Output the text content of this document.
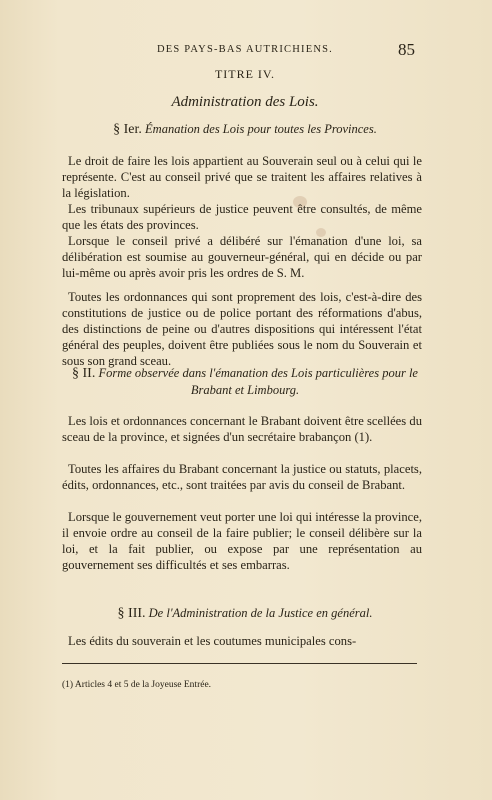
DES PAYS-BAS AUTRICHIENS.	85
TITRE IV.
Administration des Lois.
§ Ier. Émanation des Lois pour toutes les Provinces.

Le droit de faire les lois appartient au Souverain seul ou à celui qui le représente. C'est au conseil privé que se traitent les affaires relatives à la législation.

Les tribunaux supérieurs de justice peuvent être consultés, de même que les états des provinces.

Lorsque le conseil privé a délibéré sur l'émanation d'une loi, sa délibération est soumise au gouverneur-général, qui en décide ou par lui-même ou après avoir pris les ordres de S. M.

Toutes les ordonnances qui sont proprement des lois, c'est-à-dire des constitutions de justice ou de police portant des réformations d'abus, des distinctions de peine ou d'autres dispositions qui intéressent l'état général des peuples, doivent être publiées sous le nom du Souverain et sous son grand sceau.

§ II. Forme observée dans l'émanation des Lois particulières pour le Brabant et Limbourg.

Les lois et ordonnances concernant le Brabant doivent être scellées du sceau de la province, et signées d'un secrétaire brabançon (1).

Toutes les affaires du Brabant concernant la justice ou statuts, placets, édits, ordonnances, etc., sont traitées par avis du conseil de Brabant.

Lorsque le gouvernement veut porter une loi qui intéresse la province, il envoie ordre au conseil de la faire publier; le conseil délibère sur la loi, et la fait publier, ou expose par une représentation au gouvernement ses difficultés et ses embarras.

§ III. De l'Administration de la Justice en général.

Les édits du souverain et les coutumes municipales cons-

(1) Articles 4 et 5 de la Joyeuse Entrée.
